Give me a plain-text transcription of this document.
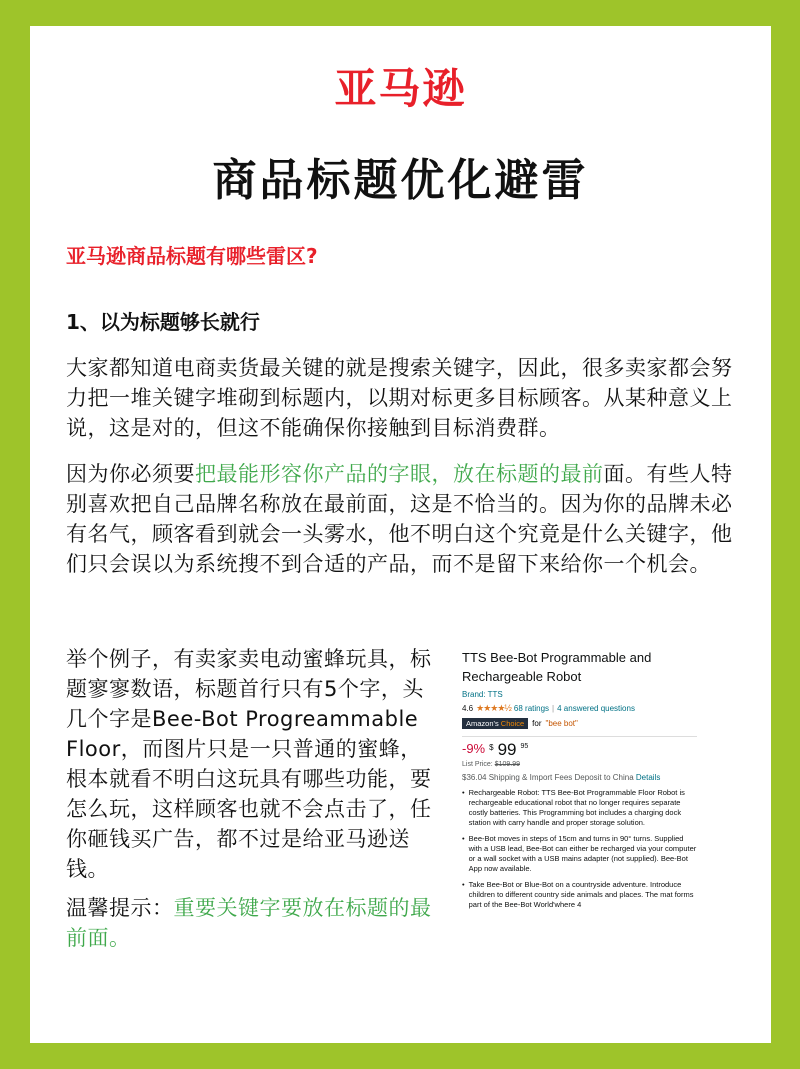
亚马逊
商品标题优化避雷
亚马逊商品标题有哪些雷区?
1、以为标题够长就行
大家都知道电商卖货最关键的就是搜索关键字，因此，很多卖家都会努力把一堆关键字堆砌到标题内，以期对标更多目标顾客。从某种意义上说，这是对的，但这不能确保你接触到目标消费群。
因为你必须要把最能形容你产品的字眼，放在标题的最前面。有些人特别喜欢把自己品牌名称放在最前面，这是不恰当的。因为你的品牌未必有名气，顾客看到就会一头雾水，他不明白这个究竟是什么关键字，他们只会误以为系统搜不到合适的产品，而不是留下来给你一个机会。
举个例子，有卖家卖电动蜜蜂玩具，标题寥寥数语，标题首行只有5个字，头几个字是Bee-Bot Progreammable Floor，而图片只是一只普通的蜜蜂，根本就看不明白这玩具有哪些功能，要怎么玩，这样顾客也就不会点击了，任你砸钱买广告，都不过是给亚马逊送钱。
温馨提示：重要关键字要放在标题的最前面。
TTS Bee-Bot Programmable and Rechargeable Robot
Brand: TTS
4.6 ★★★★½ 68 ratings | 4 answered questions
Amazon's Choice	for "bee bot"
-9% $ 99 95
List Price: $109.99
$36.04 Shipping & Import Fees Deposit to China Details
• Rechargeable Robot: TTS Bee-Bot Programmable Floor Robot is rechargeable educational robot that no longer requires separate costly batteries. This Programming bot includes a charging dock station with carry handle and proper storage solution.
• Bee-Bot moves in steps of 15cm and turns in 90° turns. Supplied with a USB lead, Bee-Bot can either be recharged via your computer or a wall socket with a USB mains adapter (not supplied). Bee-Bot App now available.
• Take Bee-Bot or Blue-Bot on a countryside adventure. Introduce children to different country side animals and places. The mat forms part of the Bee-Bot World'where 4
